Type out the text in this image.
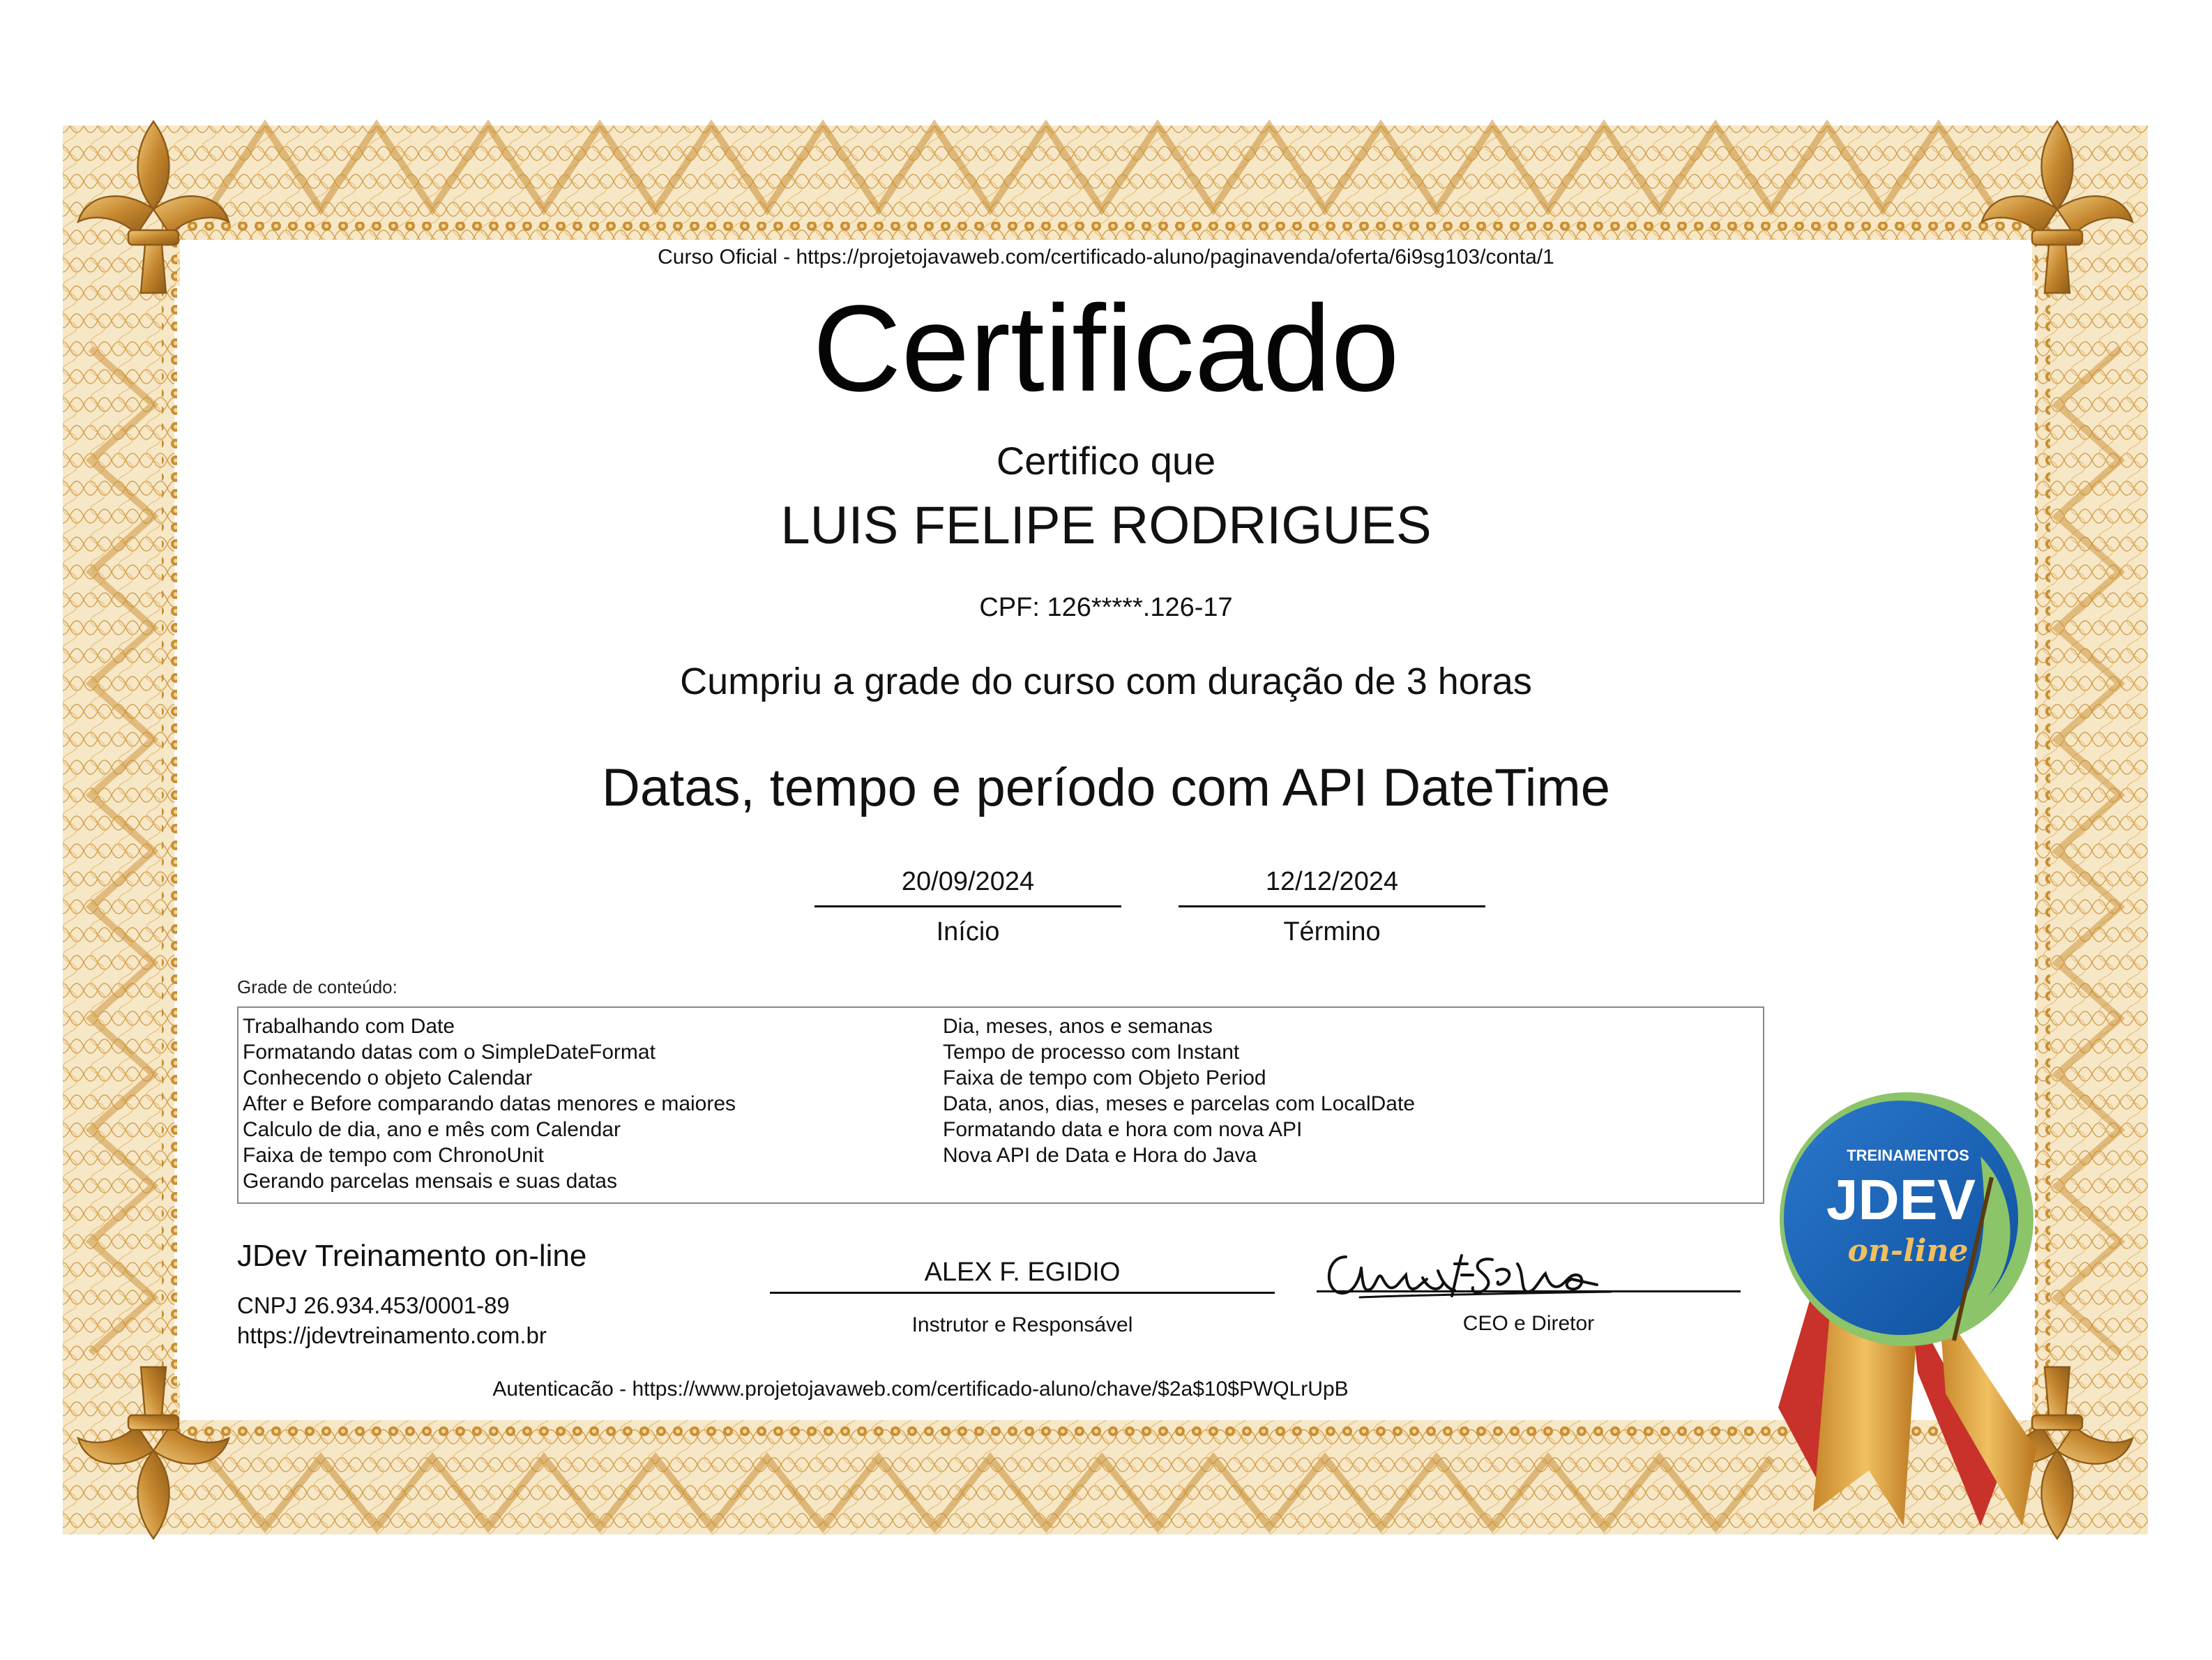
Curso Oficial - https://projetojavaweb.com/certificado-aluno/paginavenda/oferta/6i9sg103/conta/1
Certificado
Certifico que
LUIS FELIPE RODRIGUES
CPF: 126*****.126-17
Cumpriu a grade do curso com duração de 3 horas
Datas, tempo e período com API DateTime
20/09/2024
Início
12/12/2024
Término
Grade de conteúdo:
Trabalhando com Date
Formatando datas com o SimpleDateFormat
Conhecendo o objeto Calendar
After e Before comparando datas menores e maiores
Calculo de dia, ano e mês com Calendar
Faixa de tempo com ChronoUnit
Gerando parcelas mensais e suas datas
Dia, meses, anos e semanas
Tempo de processo com Instant
Faixa de tempo com Objeto Period
Data, anos, dias, meses e parcelas com LocalDate
Formatando data e hora com nova API
Nova API de Data e Hora do Java
JDev Treinamento on-line
CNPJ 26.934.453/0001-89
https://jdevtreinamento.com.br
ALEX F. EGIDIO
Instrutor e Responsável	CEO e Diretor
Autenticacão - https://www.projetojavaweb.com/certificado-aluno/chave/$2a$10$PWQLrUpB
TREINAMENTOS
JDEV
on-line
